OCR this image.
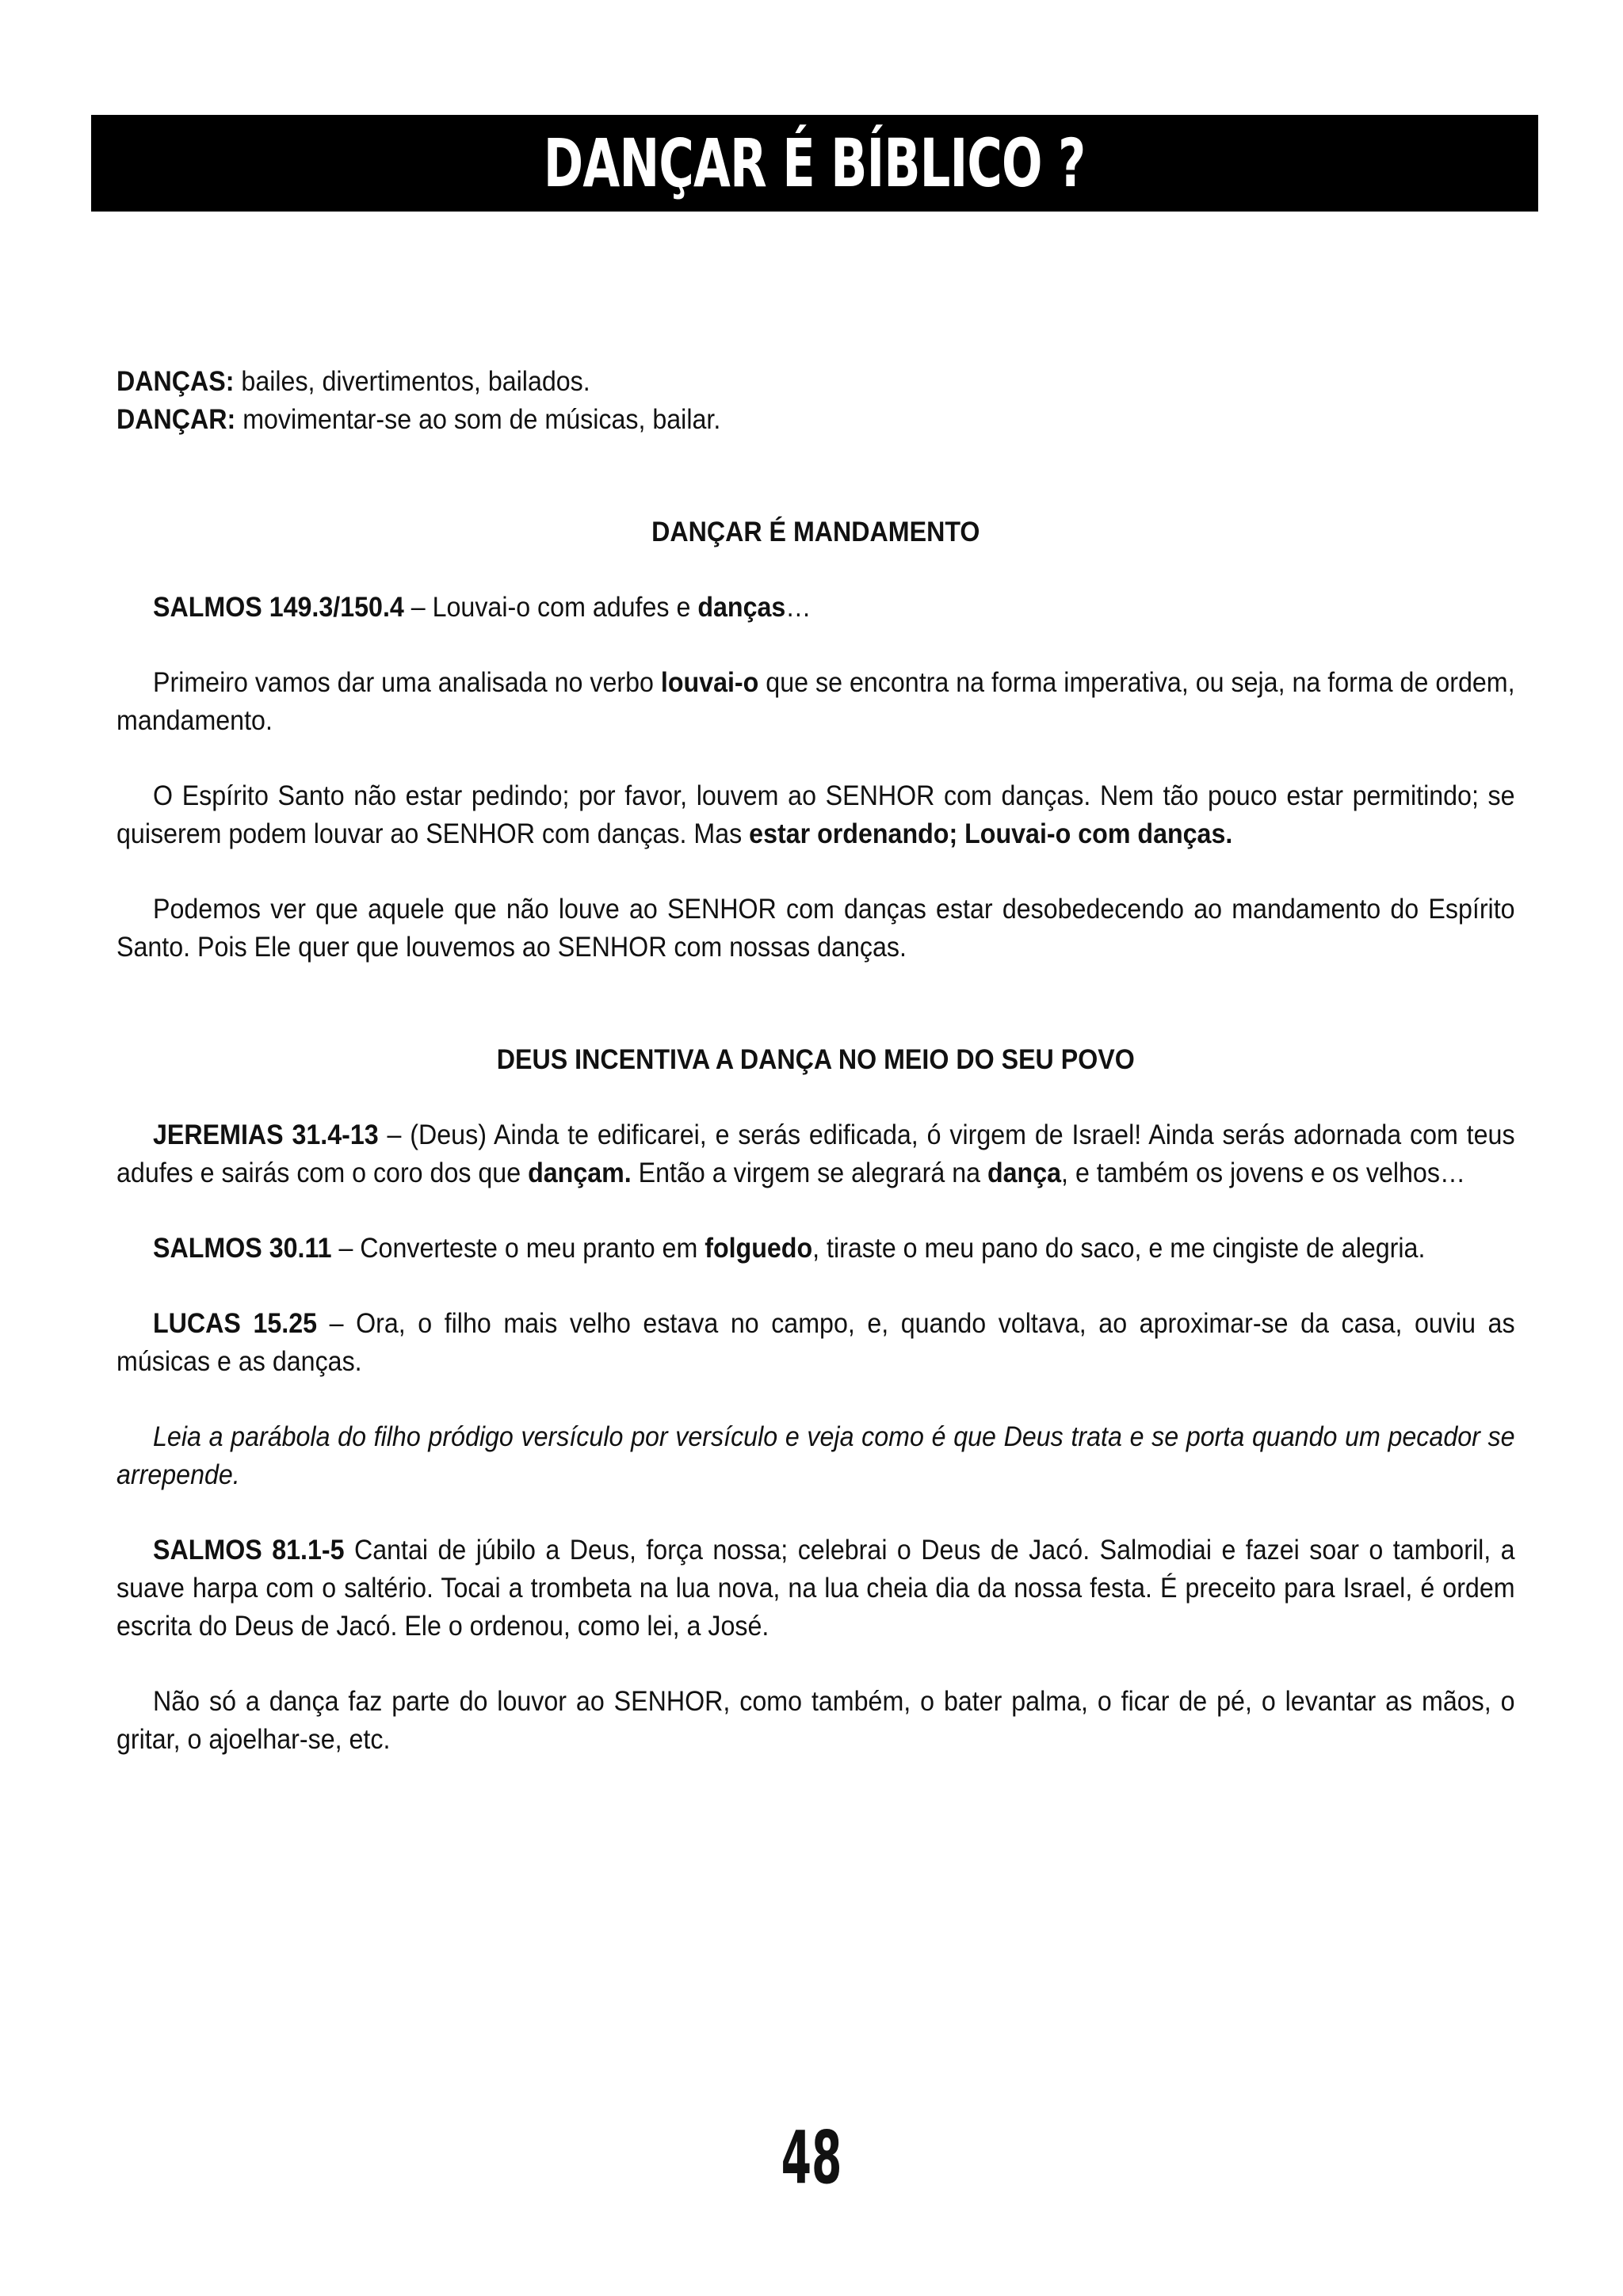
DANÇAR É BÍBLICO ?

DANÇAS: bailes, divertimentos, bailados.

DANÇAR: movimentar-se ao som de músicas, bailar.

DANÇAR É MANDAMENTO

SALMOS 149.3/150.4 – Louvai-o com adufes e danças…

Primeiro vamos dar uma analisada no verbo louvai-o que se encontra na forma imperativa, ou seja, na forma de ordem, mandamento.

O Espírito Santo não estar pedindo; por favor, louvem ao SENHOR com danças. Nem tão pouco estar permitindo; se quiserem podem louvar ao SENHOR com danças. Mas estar ordenando; Louvai-o com danças.

Podemos ver que aquele que não louve ao SENHOR com danças estar desobedecendo ao mandamento do Espírito Santo. Pois Ele quer que louvemos ao SENHOR com nossas danças.

DEUS INCENTIVA A DANÇA NO MEIO DO SEU POVO

JEREMIAS 31.4-13 – (Deus) Ainda te edificarei, e serás edificada, ó virgem de Israel! Ainda serás adornada com teus adufes e sairás com o coro dos que dançam. Então a virgem se alegrará na dança, e também os jovens e os velhos…

SALMOS 30.11 – Converteste o meu pranto em folguedo, tiraste o meu pano do saco, e me cingiste de alegria.

LUCAS 15.25 – Ora, o filho mais velho estava no campo, e, quando voltava, ao aproximar-se da casa, ouviu as músicas e as danças.

Leia a parábola do filho pródigo versículo por versículo e veja como é que Deus trata e se porta quando um pecador se arrepende.

SALMOS 81.1-5 Cantai de júbilo a Deus, força nossa; celebrai o Deus de Jacó. Salmodiai e fazei soar o tamboril, a suave harpa com o saltério. Tocai a trombeta na lua nova, na lua cheia dia da nossa festa. É preceito para Israel, é ordem escrita do Deus de Jacó. Ele o ordenou, como lei, a José.

Não só a dança faz parte do louvor ao SENHOR, como também, o bater palma, o ficar de pé, o levantar as mãos, o gritar, o ajoelhar-se, etc.

48
